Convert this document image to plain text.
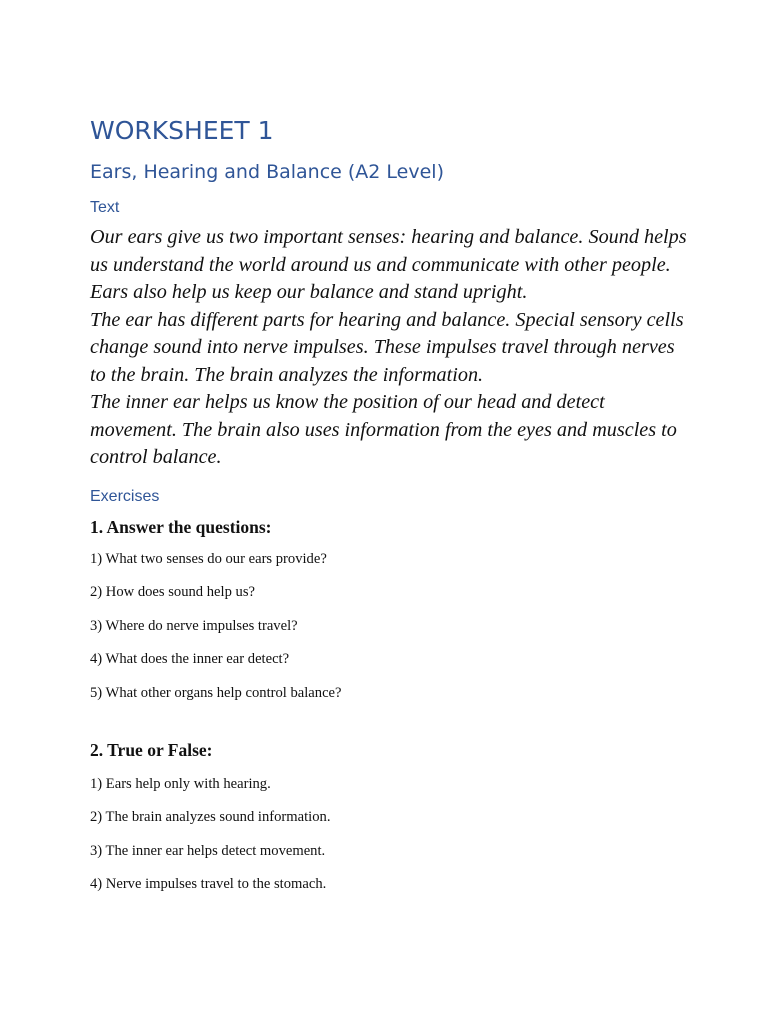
WORKSHEET 1
Ears, Hearing and Balance (A2 Level)
Text

Our ears give us two important senses: hearing and balance. Sound helps us understand the world around us and communicate with other people. Ears also help us keep our balance and stand upright.

The ear has different parts for hearing and balance. Special sensory cells change sound into nerve impulses. These impulses travel through nerves to the brain. The brain analyzes the information.

The inner ear helps us know the position of our head and detect movement. The brain also uses information from the eyes and muscles to control balance.

Exercises
1. Answer the questions:
1) What two senses do our ears provide?
2) How does sound help us?
3) Where do nerve impulses travel?
4) What does the inner ear detect?
5) What other organs help control balance?
2. True or False:
1) Ears help only with hearing.
2) The brain analyzes sound information.
3) The inner ear helps detect movement.
4) Nerve impulses travel to the stomach.
